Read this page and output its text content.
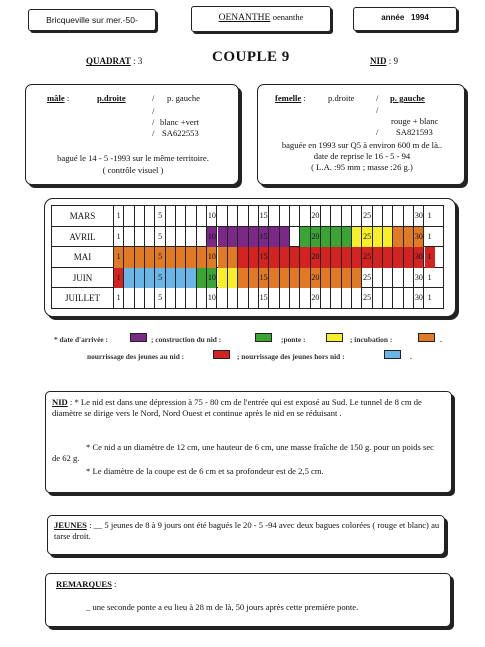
Bricqueville sur mer.-50-	OENANTHE oenanthe	année 1994
QUADRAT : 3	COUPLE 9	NID : 9
mâle :	p.droite	/ p. gauche
/
/ blanc +vert
/ SA622553
bagué le 14 - 5 -1993 sur le même territoire.
( contrôle visuel )
femelle :	p.droite	/ p. gauche
/
rouge + blanc
/ SA821593
baguée en 1993 sur Q5 à environ 600 m de là..
date de reprise le 16 - 5 - 94
( L.A. :95 mm ; masse :26 g.)
MARS	1	5	10	15	20	25	30 1
AVRIL	1	5	10	15	20	25	30 1
MAI	1	5	10	15	20	25	30 1
JUIN	1	5	10	15	20	25	30 1
JUILLET	1	5	10	15	20	25	30 1
* date d'arrivée :	; construction du nid :	;ponte :	; incubation :	.
nourrissage des jeunes au nid :	; nourrissage des jeunes hors nid :	.
NID : * Le nid est dans une dépression à 75 - 80 cm de l'entrée qui est exposé au Sud. Le tunnel de 8 cm de diamètre se dirige vers le Nord, Nord Ouest et continue après le nid en se réduisant .
* Ce nid a un diamètre de 12 cm, une hauteur de 6 cm, une masse fraîche de 150 g. pour un poids sec de 62 g.
* Le diamètre de la coupe est de 6 cm et sa profondeur est de 2,5 cm.
JEUNES : __ 5 jeunes de 8 à 9 jours ont été bagués le 20 - 5 -94 avec deux bagues colorées ( rouge et blanc) au tarse droit.
REMARQUES :
_ une seconde ponte a eu lieu à 28 m de là, 50 jours après cette première ponte.
